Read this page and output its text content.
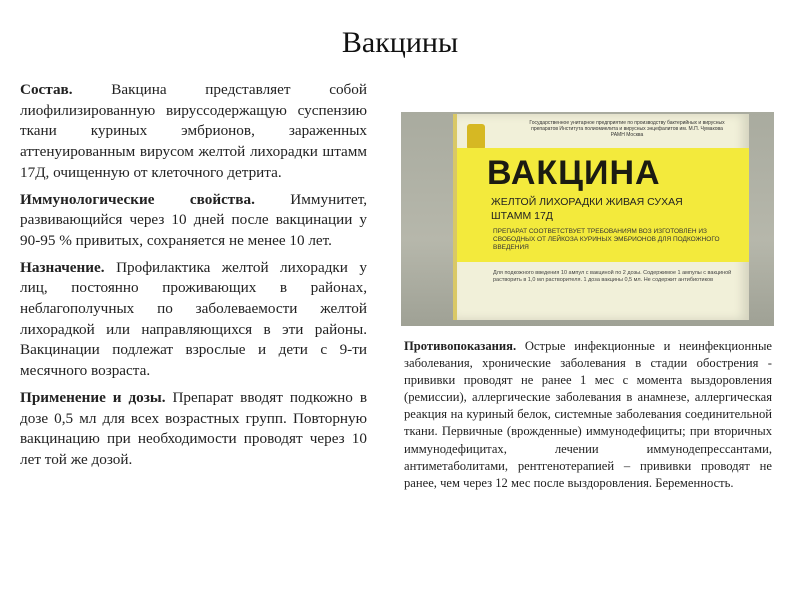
Вакцины

Состав. Вакцина представляет собой лиофилизированную вируссодержащую суспензию ткани куриных эмбрионов, зараженных аттенуированным вирусом желтой лихорадки штамм 17Д, очищенную от клеточного детрита.

Иммунологические свойства. Иммунитет, развивающийся через 10 дней после вакцинации у 90-95 % привитых, сохраняется не менее 10 лет.

Назначение. Профилактика желтой лихорадки у лиц, постоянно проживающих в районах, неблагополучных по заболеваемости желтой лихорадкой или направляющихся в эти районы. Вакцинации подлежат взрослые и дети с 9-ти месячного возраста.

Применение и дозы. Препарат вводят подкожно в дозе 0,5 мл для всех возрастных групп. Повторную вакцинацию при необходимости проводят через 10 лет той же дозой.

Государственное унитарное предприятие по производству бактерийных и вирусных препаратов Института полиомиелита и вирусных энцефалитов им. М.П. Чумакова РАМН Москва
ВАКЦИНА
ЖЕЛТОЙ ЛИХОРАДКИ ЖИВАЯ СУХАЯ
ШТАММ 17Д
ПРЕПАРАТ СООТВЕТСТВУЕТ ТРЕБОВАНИЯМ ВОЗ ИЗГОТОВЛЕН ИЗ СВОБОДНЫХ ОТ ЛЕЙКОЗА КУРИНЫХ ЭМБРИОНОВ ДЛЯ ПОДКОЖНОГО ВВЕДЕНИЯ
Для подкожного введения 10 ампул с вакциной по 2 дозы. Содержимое 1 ампулы с вакциной растворить в 1,0 мл растворителя. 1 доза вакцины 0,5 мл. Не содержит антибиотиков
Противопоказания. Острые инфекционные и неинфекционные заболевания, хронические заболевания в стадии обострения - прививки проводят не ранее 1 мес с момента выздоровления (ремиссии), аллергические заболевания в анамнезе, аллергическая реакция на куриный белок, системные заболевания соединительной ткани. Первичные (врожденные) иммунодефициты; при вторичных иммунодефицитах, лечении иммунодепрессантами, антиметаболитами, рентгенотерапией – прививки проводят не ранее, чем через 12 мес после выздоровления. Беременность.
